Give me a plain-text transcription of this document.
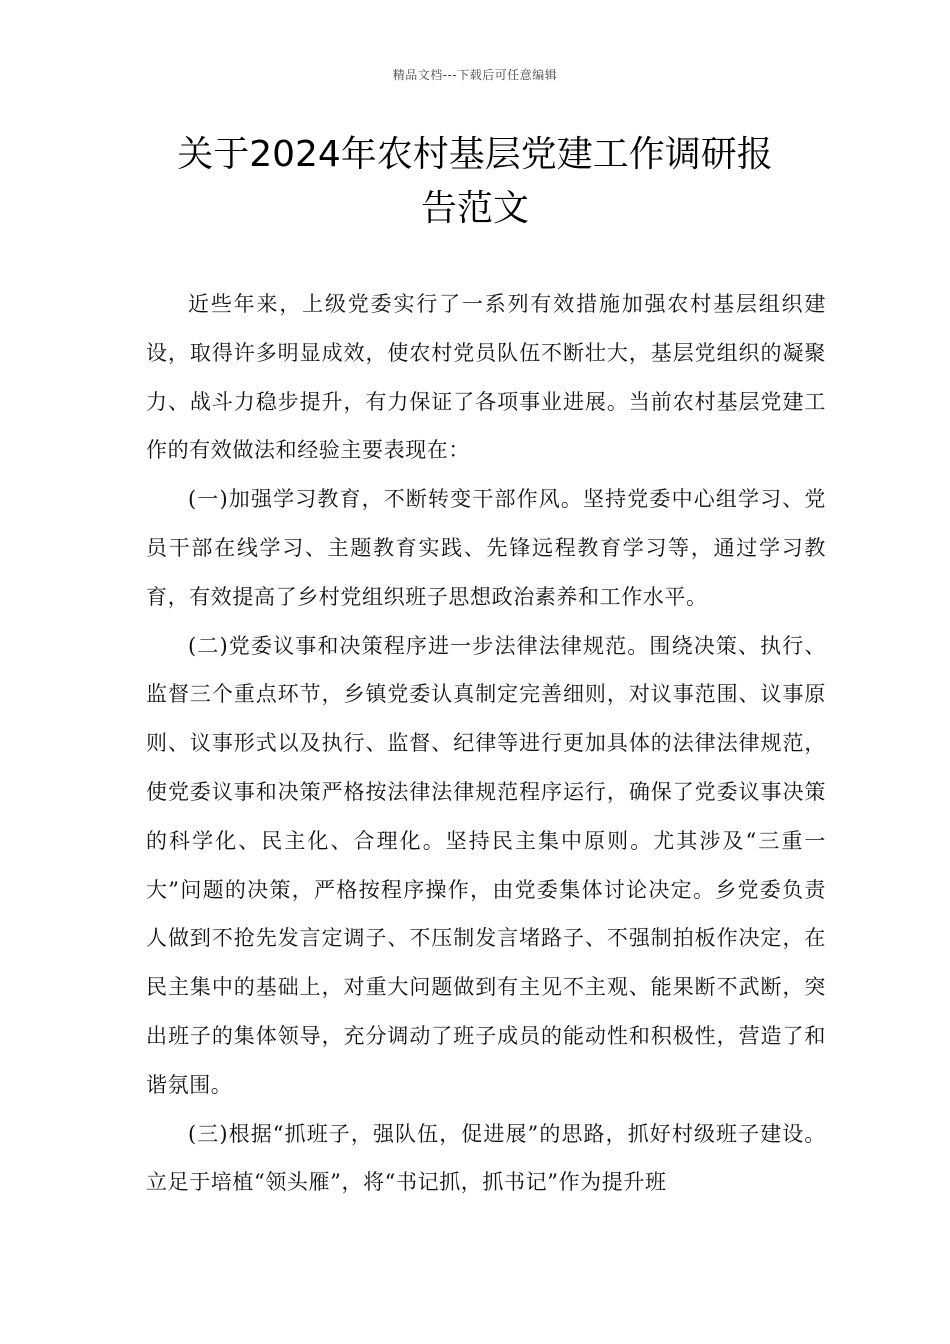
精品文档---下载后可任意编辑
关于2024年农村基层党建工作调研报
告范文

近些年来，上级党委实行了一系列有效措施加强农村基层组织建设，取得许多明显成效，使农村党员队伍不断壮大，基层党组织的凝聚力、战斗力稳步提升，有力保证了各项事业进展。当前农村基层党建工作的有效做法和经验主要表现在：

(一)加强学习教育，不断转变干部作风。坚持党委中心组学习、党员干部在线学习、主题教育实践、先锋远程教育学习等，通过学习教育，有效提高了乡村党组织班子思想政治素养和工作水平。

(二)党委议事和决策程序进一步法律法律规范。围绕决策、执行、监督三个重点环节，乡镇党委认真制定完善细则，对议事范围、议事原则、议事形式以及执行、监督、纪律等进行更加具体的法律法律规范，使党委议事和决策严格按法律法律规范程序运行，确保了党委议事决策的科学化、民主化、合理化。坚持民主集中原则。尤其涉及“三重一大”问题的决策，严格按程序操作，由党委集体讨论决定。乡党委负责人做到不抢先发言定调子、不压制发言堵路子、不强制拍板作决定，在民主集中的基础上，对重大问题做到有主见不主观、能果断不武断，突出班子的集体领导，充分调动了班子成员的能动性和积极性，营造了和谐氛围。

(三)根据“抓班子，强队伍，促进展”的思路，抓好村级班子建设。立足于培植“领头雁”，将“书记抓，抓书记”作为提升班
